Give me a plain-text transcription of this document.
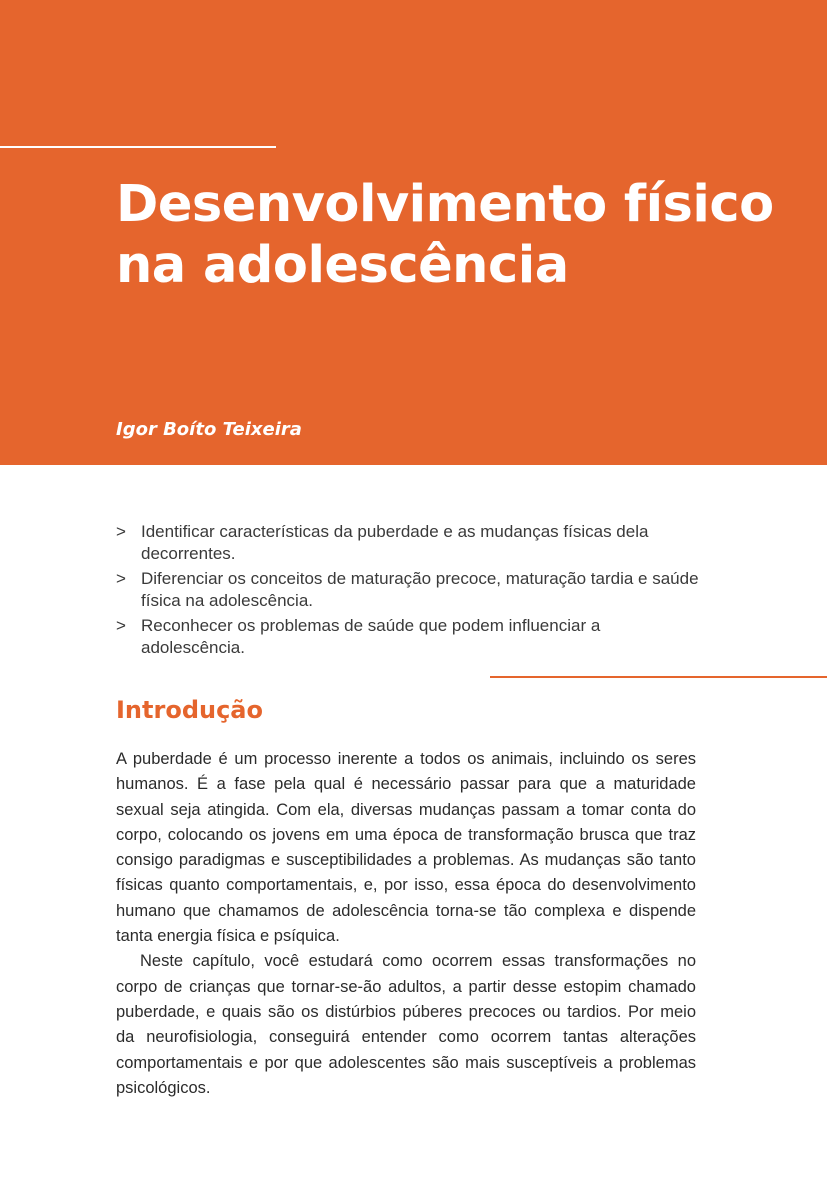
Desenvolvimento físico na adolescência

Igor Boíto Teixeira

> Identificar características da puberdade e as mudanças físicas dela decorrentes.
> Diferenciar os conceitos de maturação precoce, maturação tardia e saúde física na adolescência.
> Reconhecer os problemas de saúde que podem influenciar a adolescência.
Introdução

A puberdade é um processo inerente a todos os animais, incluindo os seres humanos. É a fase pela qual é necessário passar para que a maturidade sexual seja atingida. Com ela, diversas mudanças passam a tomar conta do corpo, colocando os jovens em uma época de transformação brusca que traz consigo paradigmas e susceptibilidades a problemas. As mudanças são tanto físicas quanto comportamentais, e, por isso, essa época do desenvolvimento humano que chamamos de adolescência torna-se tão complexa e dispende tanta energia física e psíquica.

Neste capítulo, você estudará como ocorrem essas transformações no corpo de crianças que tornar-se-ão adultos, a partir desse estopim chamado puberdade, e quais são os distúrbios púberes precoces ou tardios. Por meio da neurofisiologia, conseguirá entender como ocorrem tantas alterações comportamentais e por que adolescentes são mais susceptíveis a problemas psicológicos.
